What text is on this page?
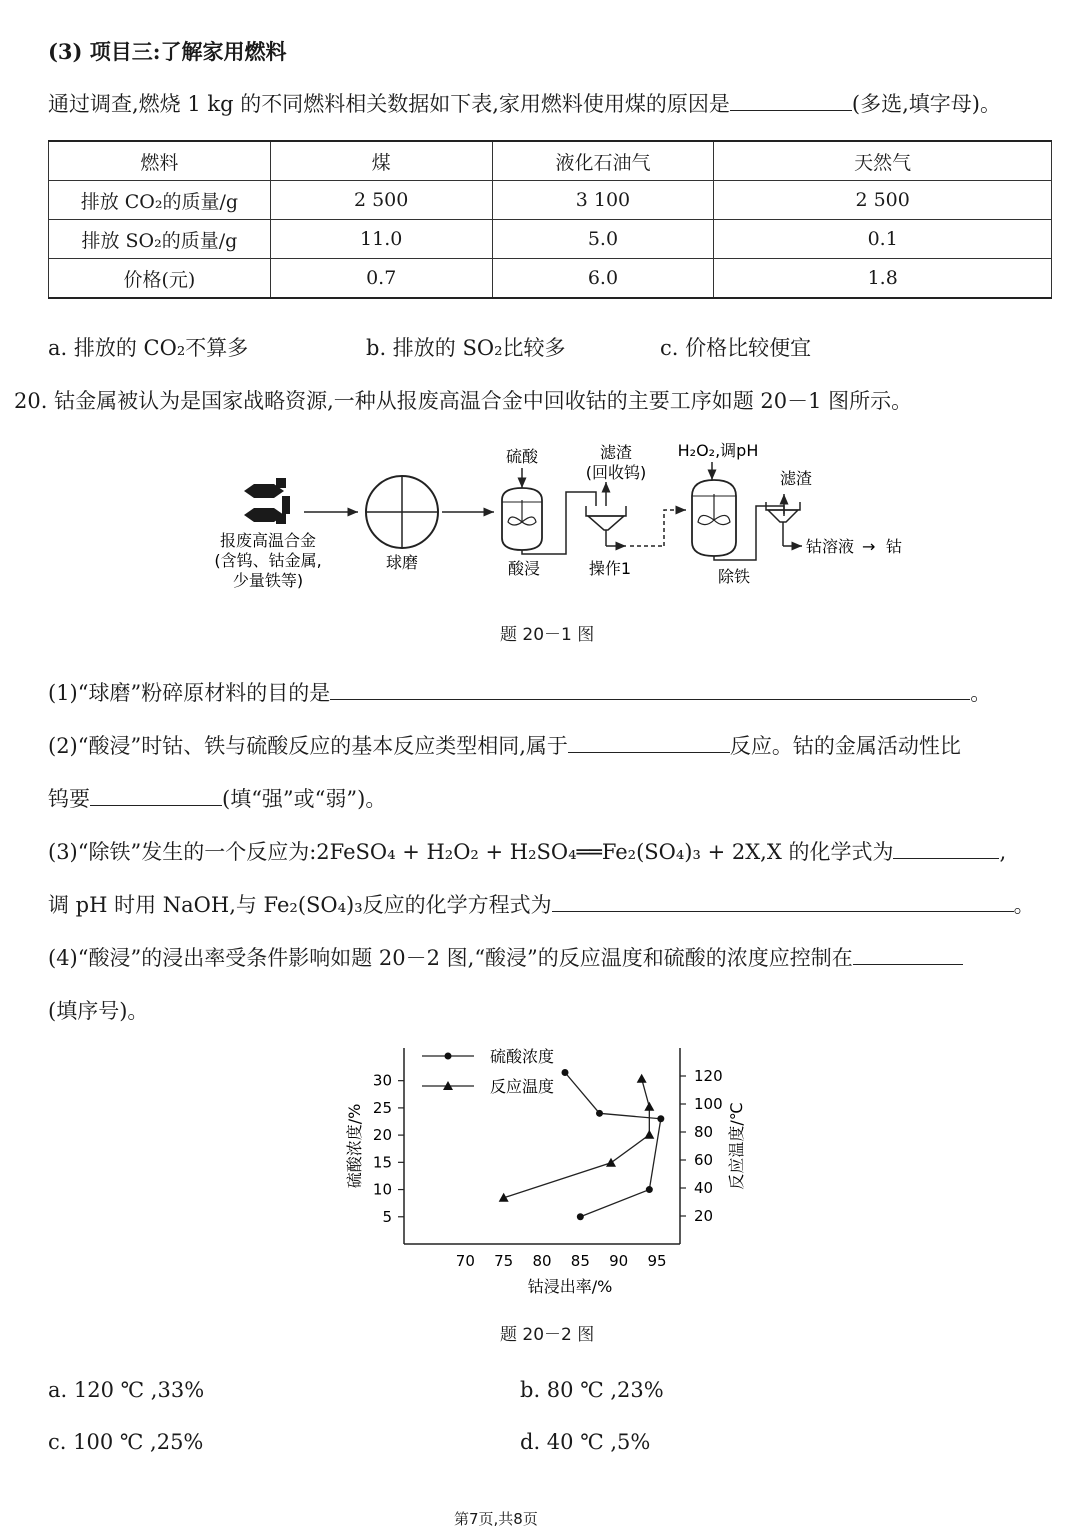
(3) 项目三:了解家用燃料
通过调查,燃烧 1 kg 的不同燃料相关数据如下表,家用燃料使用煤的原因是	(多选,填字母)。
燃料	煤	液化石油气	天然气
排放 CO₂的质量/g	2 500	3 100	2 500
排放 SO₂的质量/g	11.0	5.0	0.1
价格(元)	0.7	6.0	1.8
a. 排放的 CO₂不算多	b. 排放的 SO₂比较多	c. 价格比较便宜
20. 钴金属被认为是国家战略资源,一种从报废高温合金中回收钴的主要工序如题 20－1 图所示。
报废高温合金
(含钨、钴金属,
少量铁等)
球磨
硫酸
酸浸
滤渣
(回收钨)
操作1
H₂O₂,调pH
除铁
滤渣
钴溶液 → 钴
题 20－1 图
(1)“球磨”粉碎原材料的目的是	。
(2)“酸浸”时钴、铁与硫酸反应的基本反应类型相同,属于	反应。钴的金属活动性比
钨要	(填“强”或“弱”)。
(3)“除铁”发生的一个反应为:2FeSO₄ + H₂O₂ + H₂SO₄══Fe₂(SO₄)₃ + 2X,X 的化学式为	,
调 pH 时用 NaOH,与 Fe₂(SO₄)₃反应的化学方程式为	。
(4)“酸浸”的浸出率受条件影响如题 20－2 图,“酸浸”的反应温度和硫酸的浓度应控制在
(填序号)。
70 75 80 85 90 95
5
10
15
20
25
30
20
40
60
80
100
120
硫酸浓度
反应温度
钴浸出率/%
硫酸浓度/%	反应温度/℃
题 20－2 图
a. 120 ℃ ,33%	b. 80 ℃ ,23%
c. 100 ℃ ,25%	d. 40 ℃ ,5%
第7页,共8页
